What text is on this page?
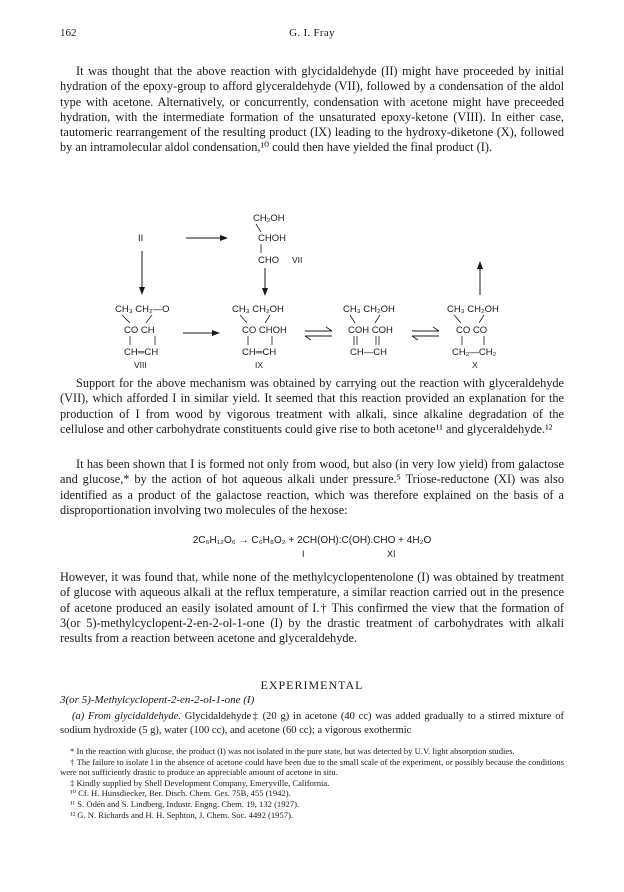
162	G. I. Fray

It was thought that the above reaction with glycidaldehyde (II) might have proceeded by initial hydration of the epoxy-group to afford glyceraldehyde (VII), followed by a condensation of the aldol type with acetone. Alternatively, or concurrently, condensation with acetone might have preceeded hydration, with the intermediate formation of the unsaturated epoxy-ketone (VIII). In either case, tautomeric rearrangement of the resulting product (IX) leading to the hydroxy-diketone (X), followed by an intramolecular aldol condensation,¹⁰ could then have yielded the final product (I).

II
CH₂OH
CHOH
CHO VII
CH₃ CH₂—O
CO CH
CH═CH
VIII
CH₃ CH₂OH
CO CHOH
CH═CH
IX
CH₃ CH₂OH
COH COH
CH—CH
CH₃ CH₂OH
CO CO
CH₂—CH₂
X

Support for the above mechanism was obtained by carrying out the reaction with glyceraldehyde (VII), which afforded I in similar yield. It seemed that this reaction provided an explanation for the production of I from wood by vigorous treatment with alkali, since alkaline degradation of the cellulose and other carbohydrate constituents could give rise to both acetone¹¹ and glyceraldehyde.¹²

It has been shown that I is formed not only from wood, but also (in very low yield) from galactose and glucose,* by the action of hot aqueous alkali under pressure.⁵ Triose-reductone (XI) was also identified as a product of the galactose reaction, which was therefore explained on the basis of a disproportionation involving two molecules of the hexose:

2C₆H₁₂O₆ → C₆H₈O₂ + 2CH(OH):C(OH).CHO + 4H₂O
I	XI

However, it was found that, while none of the methylcyclopentenolone (I) was obtained by treatment of glucose with aqueous alkali at the reflux temperature, a similar reaction carried out in the presence of acetone produced an easily isolated amount of I.† This confirmed the view that the formation of 3(or 5)-methylcyclopent-2-en-2-ol-1-one (I) by the drastic treatment of carbohydrates with alkali results from a reaction between acetone and glyceraldehyde.

EXPERIMENTAL
3(or 5)-Methylcyclopent-2-en-2-ol-1-one (I)
(a) From glycidaldehyde. Glycidaldehyde‡ (20 g) in acetone (40 cc) was added gradually to a stirred mixture of sodium hydroxide (5 g), water (100 cc), and acetone (60 cc); a vigorous exothermic
* In the reaction with glucose, the product (I) was not isolated in the pure state, but was detected by U.V. light absorption studies.
† The failure to isolate I in the absence of acetone could have been due to the small scale of the experiment, or possibly because the conditions were not sufficiently drastic to produce an appreciable amount of acetone in situ.
‡ Kindly supplied by Shell Development Company, Emeryville, California.
¹⁰ Cf. H. Hunsdiecker, Ber. Dtsch. Chem. Ges. 75B, 455 (1942).
¹¹ S. Odén and S. Lindberg, Industr. Engng. Chem. 19, 132 (1927).
¹² G. N. Richards and H. H. Sephton, J. Chem. Soc. 4492 (1957).
